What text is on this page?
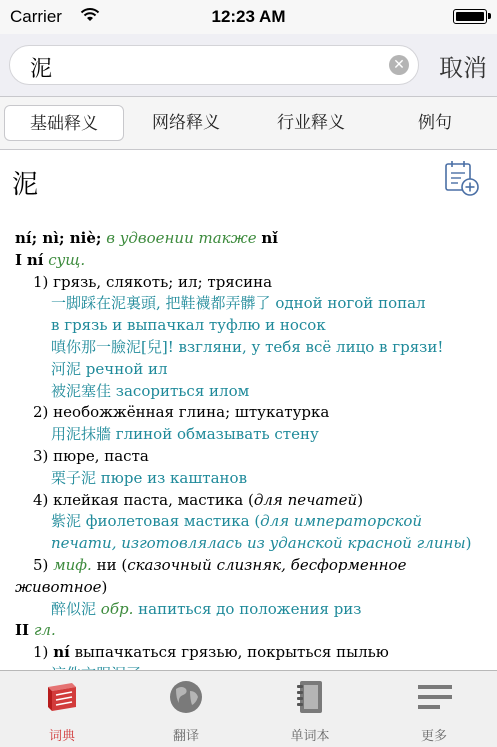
Carrier	12:23 AM
泥	✕ 取消
基础释义	网络释义	行业释义	例句
泥
ní; nì; niè; в удвоении также nǐ
I ní сущ.
1) грязь, слякоть; ил; трясина
一脚踩在泥裏頭, 把鞋襪都弄髒了 одной ногой попал
в грязь и выпачкал туфлю и носок
嗔你那一臉泥[兒]! взгляни, у тебя всё лицо в грязи!
河泥 речной ил
被泥塞佳 засориться илом
2) необожжённая глина; штукатурка
用泥抹牆 глиной обмазывать стену
3) пюре, паста
栗子泥 пюре из каштанов
4) клейкая паста, мастика (для печатей)
紫泥 фиолетовая мастика (для императорской
печати, изготовлялась из уданской красной глины)
5) миф. ни (сказочный слизняк, бесформенное
животное)
醉似泥 обр. напиться до положения риз
II гл.
1) ní выпачкаться грязью, покрыться пылью
词典	翻译	单词本	更多
